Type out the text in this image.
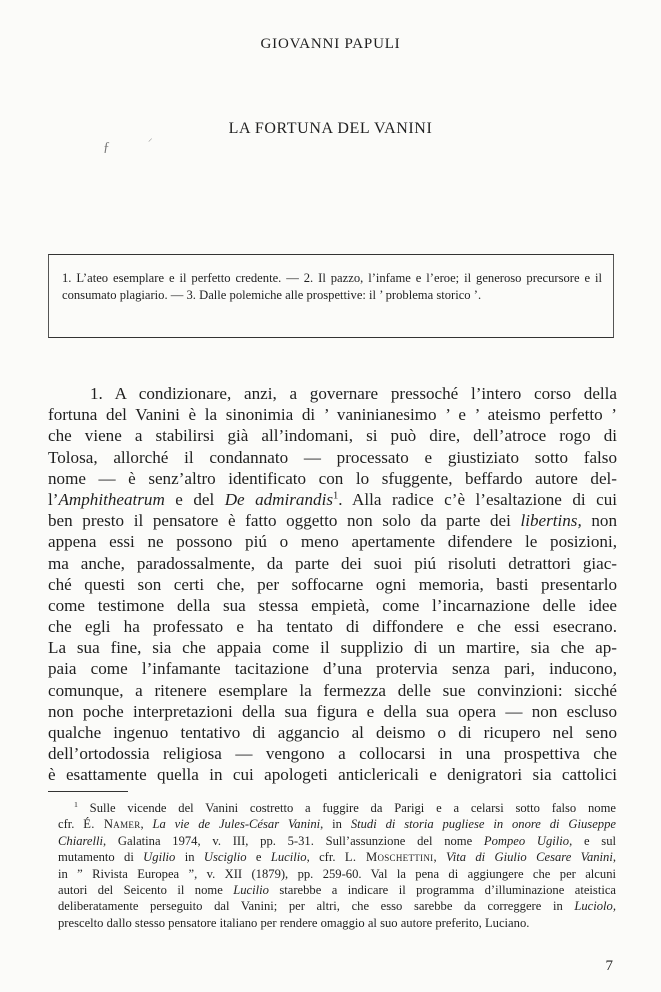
GIOVANNI PAPULI
LA FORTUNA DEL VANINI
ƒ
⸝
1. L’ateo esemplare e il perfetto credente. — 2. Il pazzo, l’infame e l’eroe; il generoso precursore e il consumato plagiario. — 3. Dalle polemiche alle prospettive: il ’ problema storico ’.
1. A condizionare, anzi, a governare pressoché l’intero corso della
fortuna del Vanini è la sinonimia di ’ vaninianesimo ’ e ’ ateismo perfetto ’
che viene a stabilirsi già all’indomani, si può dire, dell’atroce rogo di
Tolosa, allorché il condannato — processato e giustiziato sotto falso
nome — è senz’altro identificato con lo sfuggente, beffardo autore del-
l’Amphitheatrum e del De admirandis$^1$. Alla radice c’è l’esaltazione di cui
ben presto il pensatore è fatto oggetto non solo da parte dei libertins, non
appena essi ne possono piú o meno apertamente difendere le posizioni,
ma anche, paradossalmente, da parte dei suoi piú risoluti detrattori giac-
ché questi son certi che, per soffocarne ogni memoria, basti presentarlo
come testimone della sua stessa empietà, come l’incarnazione delle idee
che egli ha professato e ha tentato di diffondere e che essi esecrano.
La sua fine, sia che appaia come il supplizio di un martire, sia che ap-
paia come l’infamante tacitazione d’una protervia senza pari, inducono,
comunque, a ritenere esemplare la fermezza delle sue convinzioni: sicché
non poche interpretazioni della sua figura e della sua opera — non escluso
qualche ingenuo tentativo di aggancio al deismo o di ricupero nel seno
dell’ortodossia religiosa — vengono a collocarsi in una prospettiva che
è esattamente quella in cui apologeti anticlericali e denigratori sia cattolici
$^1$ Sulle vicende del Vanini costretto a fuggire da Parigi e a celarsi sotto falso nome
cfr. É. Namer, La vie de Jules-César Vanini, in Studi di storia pugliese in onore di Giuseppe
Chiarelli, Galatina 1974, v. III, pp. 5-31. Sull’assunzione del nome Pompeo Ugilio, e sul
mutamento di Ugilio in Usciglio e Lucilio, cfr. L. Moschettini, Vita di Giulio Cesare Vanini,
in ” Rivista Europea ”, v. XII (1879), pp. 259-60. Val la pena di aggiungere che per alcuni
autori del Seicento il nome Lucilio starebbe a indicare il programma d’illuminazione ateistica
deliberatamente perseguito dal Vanini; per altri, che esso sarebbe da correggere in Luciolo,
prescelto dallo stesso pensatore italiano per rendere omaggio al suo autore preferito, Luciano.
7
